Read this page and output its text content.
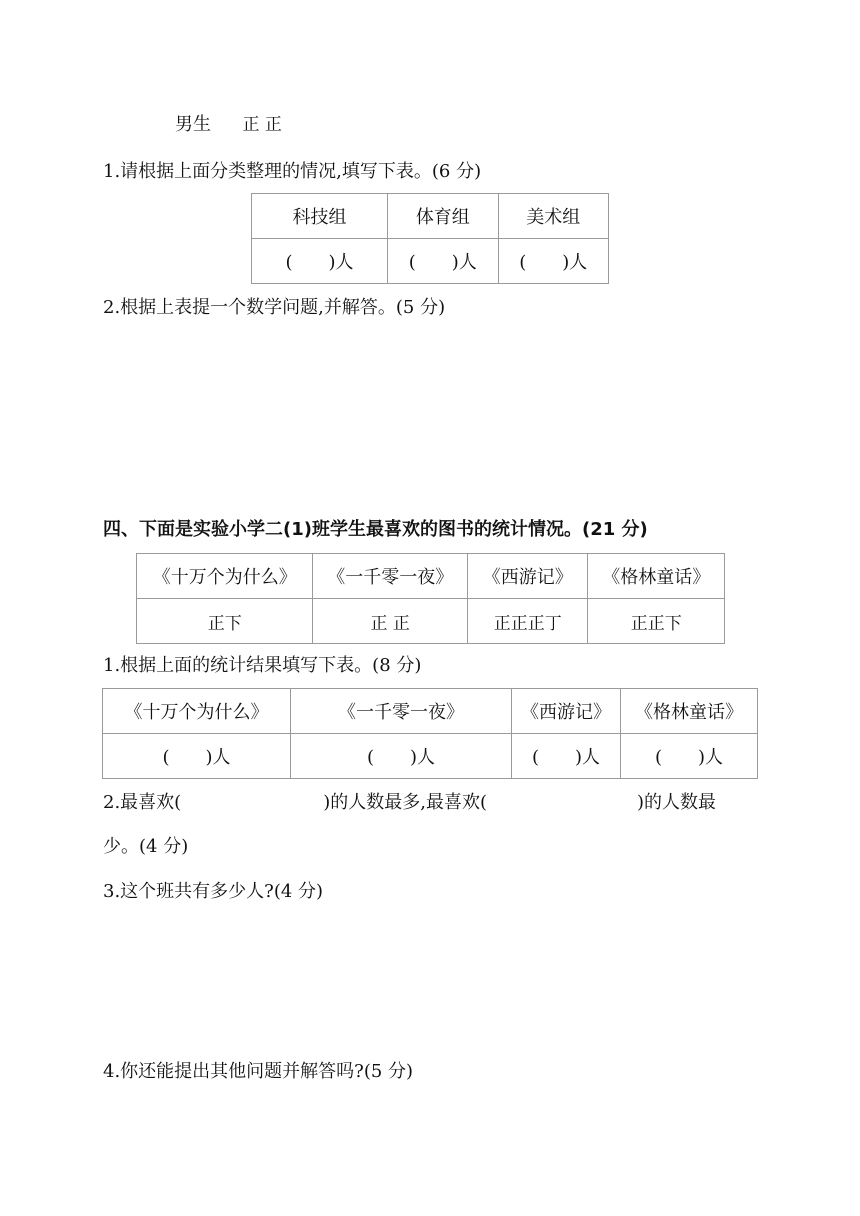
男生 正 正
1.请根据上面分类整理的情况,填写下表。(6 分)
科技组	体育组	美术组
(　　)人	(　　)人	(　　)人
2.根据上表提一个数学问题,并解答。(5 分)
四、下面是实验小学二(1)班学生最喜欢的图书的统计情况。(21 分)
《十万个为什么》	《一千零一夜》	《西游记》	《格林童话》
正下	正 正	正正正丁	正正下
1.根据上面的统计结果填写下表。(8 分)
《十万个为什么》	《一千零一夜》	《西游记》	《格林童话》
(　　)人	(　　)人	(　　)人	(　　)人
2.最喜欢(	)的人数最多,最喜欢(	)的人数最
少。(4 分)
3.这个班共有多少人?(4 分)
4.你还能提出其他问题并解答吗?(5 分)
